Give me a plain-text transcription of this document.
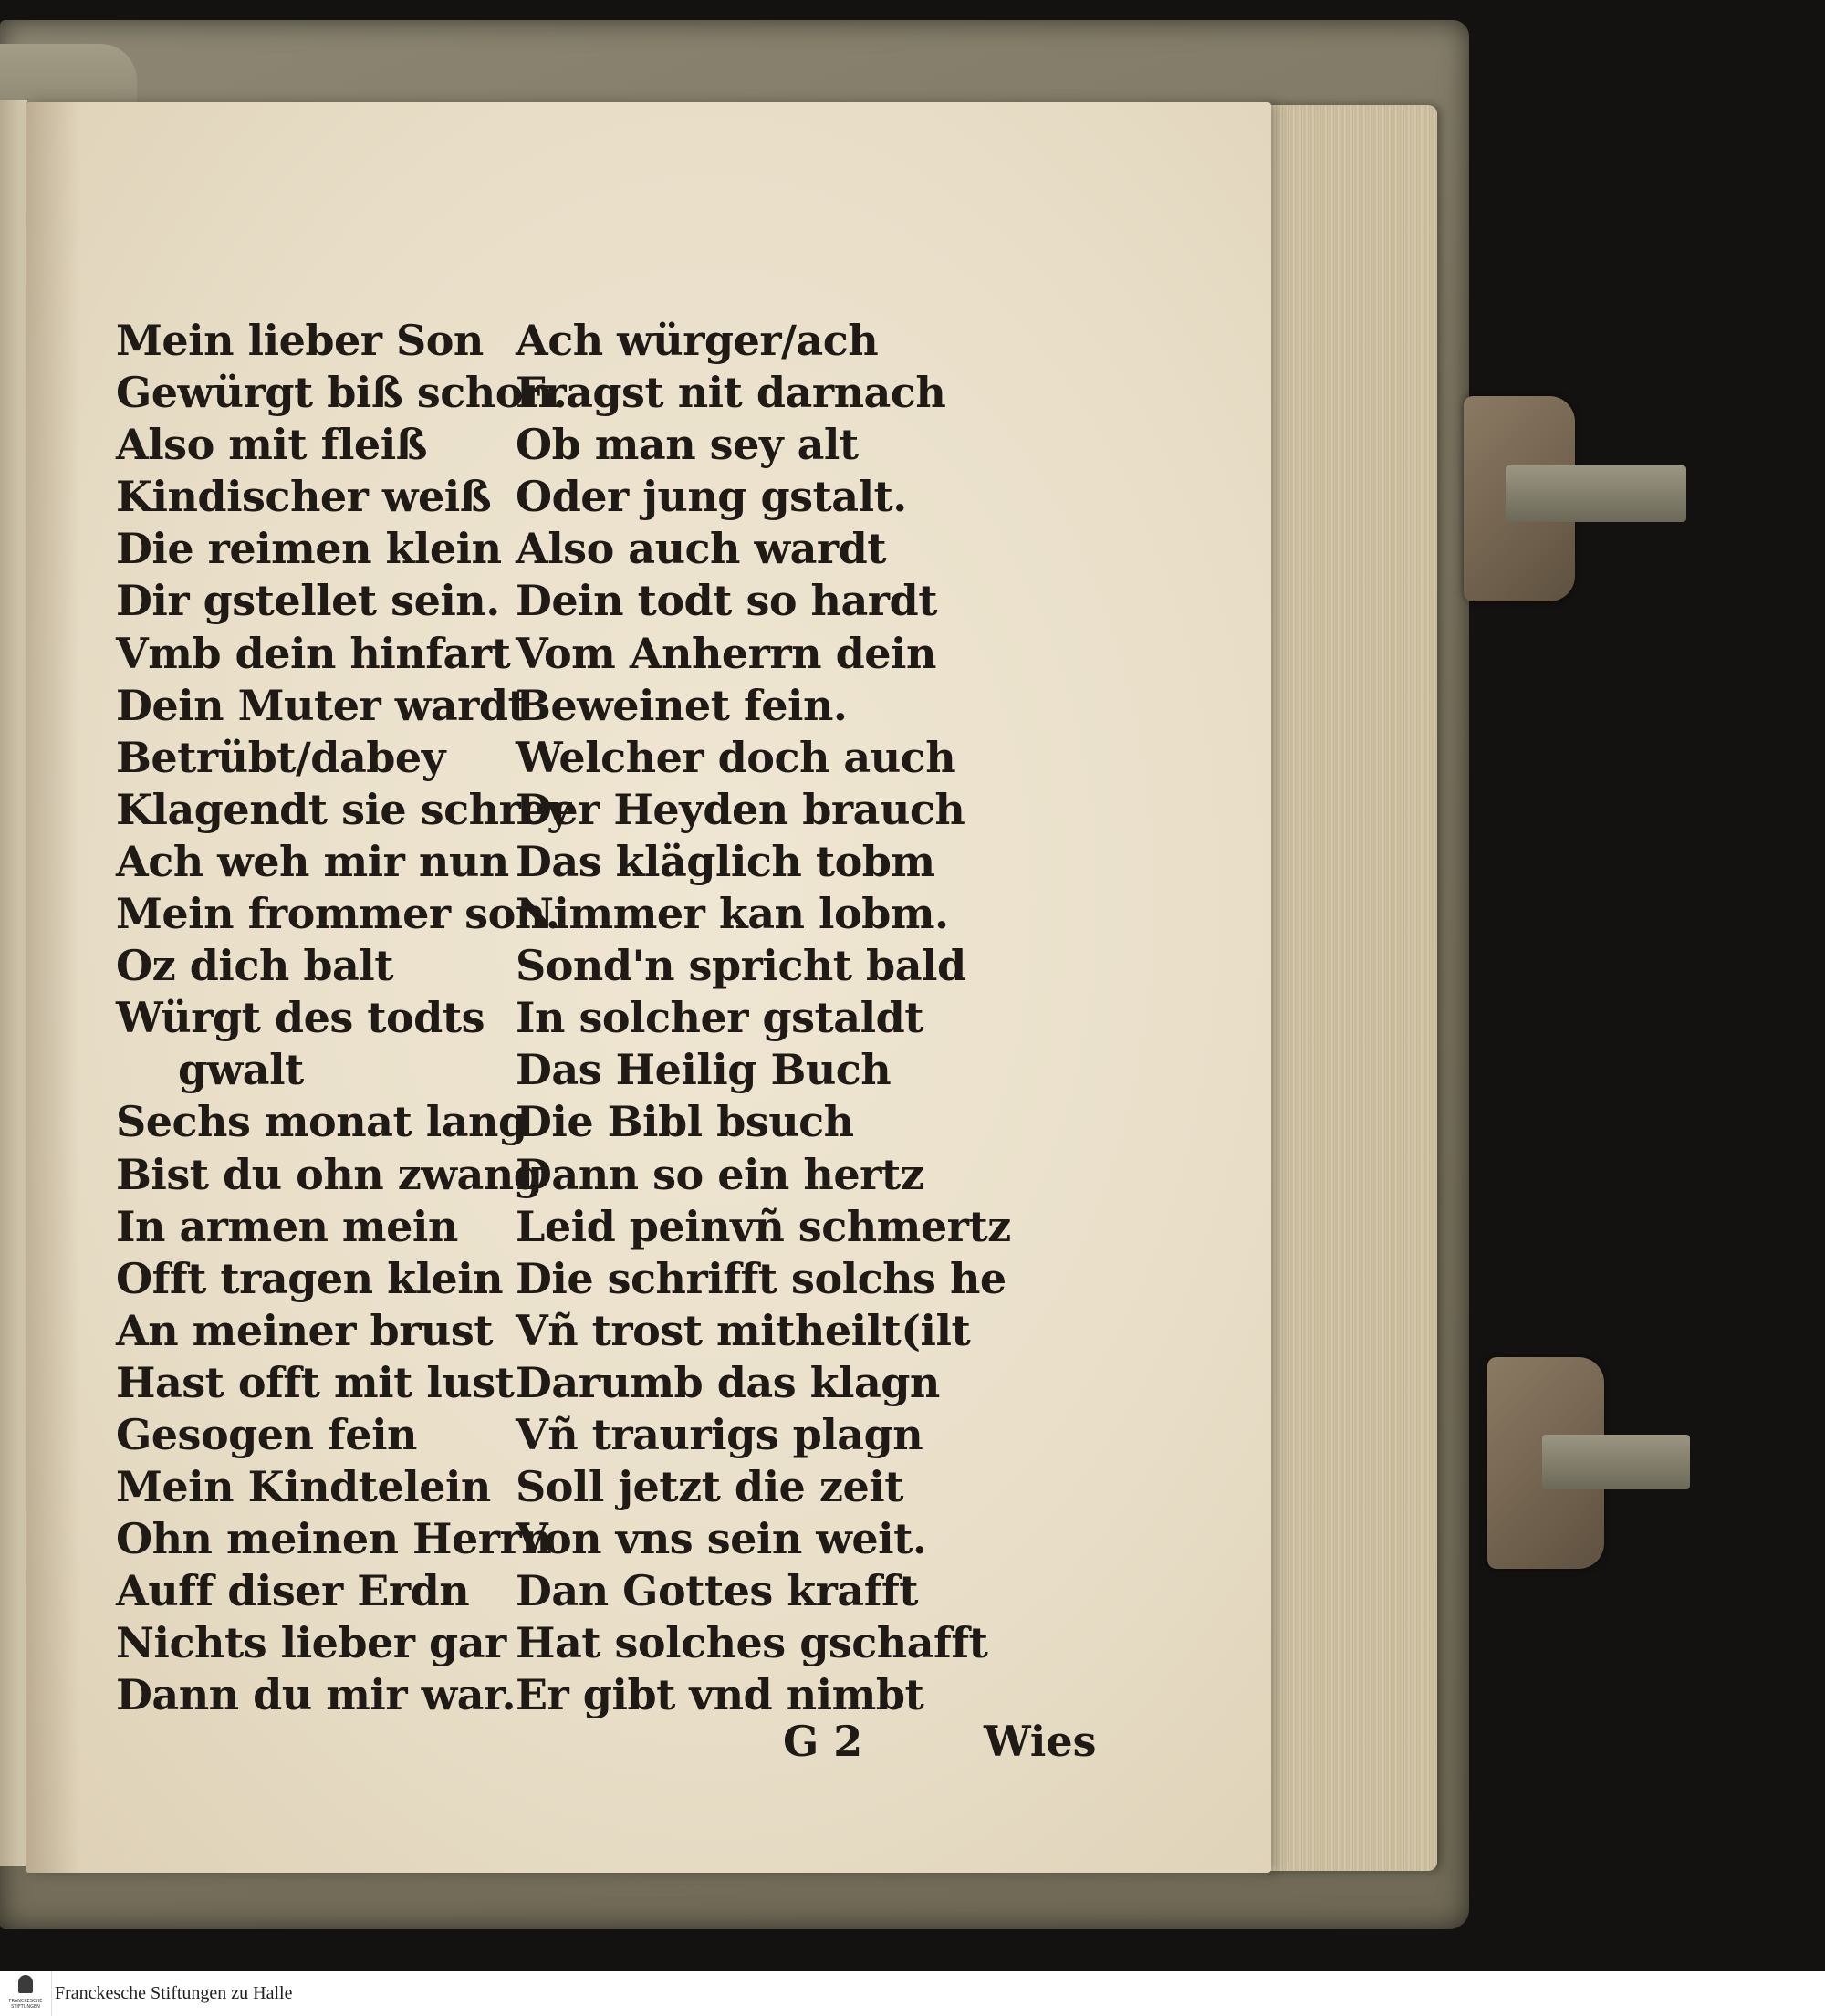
Mein lieber Son
Gewürgt biß schon.
Also mit fleiß
Kindischer weiß
Die reimen klein
Dir gstellet sein.
Vmb dein hinfart
Dein Muter wardt
Betrübt/dabey
Klagendt sie schrey
Ach weh mir nun
Mein frommer son.
Oz dich balt
Würgt des todts
gwalt
Sechs monat lang
Bist du ohn zwang
In armen mein
Offt tragen klein
An meiner brust
Hast offt mit lust
Gesogen fein
Mein Kindtelein
Ohn meinen Herrn
Auff diser Erdn
Nichts lieber gar
Dann du mir war.
Ach würger/ach
Fragst nit darnach
Ob man sey alt
Oder jung gstalt.
Also auch wardt
Dein todt so hardt
Vom Anherrn dein
Beweinet fein.
Welcher doch auch
Der Heyden brauch
Das kläglich tobm
Nimmer kan lobm.
Sond'n spricht bald
In solcher gstaldt
Das Heilig Buch
Die Bibl bsuch
Dann so ein hertz
Leid peinvñ schmertz
Die schrifft solchs he
Vñ trost mitheilt(ilt
Darumb das klagn
Vñ traurigs plagn
Soll jetzt die zeit
Von vns sein weit.
Dan Gottes krafft
Hat solches gschafft
Er gibt vnd nimbt
G 2	Wies
FRANCKESCHE STIFTUNGEN
Franckesche Stiftungen zu Halle
